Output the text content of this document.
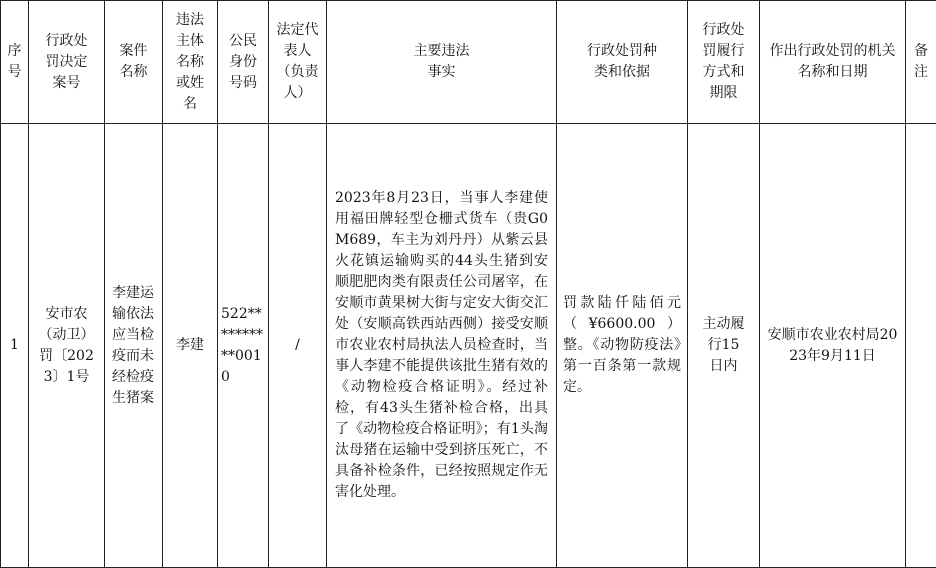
序号	行政处罚决定案号	案件名称	违法主体名称或姓名	公民身份号码	法定代表人（负责人）	主要违法事实	行政处罚种类和依据	行政处罚履行方式和期限	作出行政处罚的机关名称和日期	备注
1	安市农（动卫）罚〔2023〕1号	李建运输依法应当检疫而未经检疫生猪案	李建	522**********0010	/	2023年8月23日，当事人李建使用福田牌轻型仓栅式货车（贵G0M689，车主为刘丹丹）从紫云县火花镇运输购买的44头生猪到安顺肥肥肉类有限责任公司屠宰，在安顺市黄果树大街与定安大街交汇处（安顺高铁西站西侧）接受安顺市农业农村局执法人员检查时，当事人李建不能提供该批生猪有效的《动物检疫合格证明》。经过补检，有43头生猪补检合格，出具了《动物检疫合格证明》；有1头淘汰母猪在运输中受到挤压死亡，不具备补检条件，已经按照规定作无害化处理。	罚款陆仟陆佰元（¥6600.00）整。《动物防疫法》第一百条第一款规定。	主动履行15日内	安顺市农业农村局2023年9月11日	
